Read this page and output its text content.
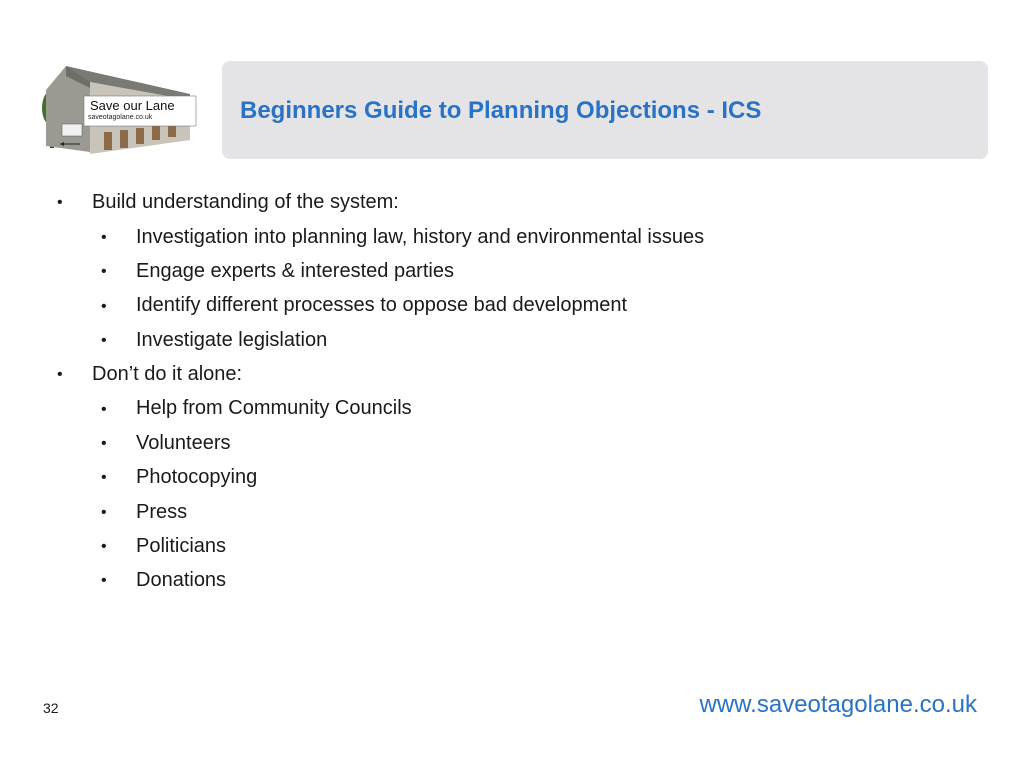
Save our Lane
saveotagolane.co.uk	Beginners Guide to Planning Objections - ICS
• Build understanding of the system:
• Investigation into planning law, history and environmental issues
• Engage experts & interested parties
• Identify different processes to oppose bad development
• Investigate legislation
• Don’t do it alone:
• Help from Community Councils
• Volunteers
• Photocopying
• Press
• Politicians
• Donations
32	www.saveotagolane.co.uk
